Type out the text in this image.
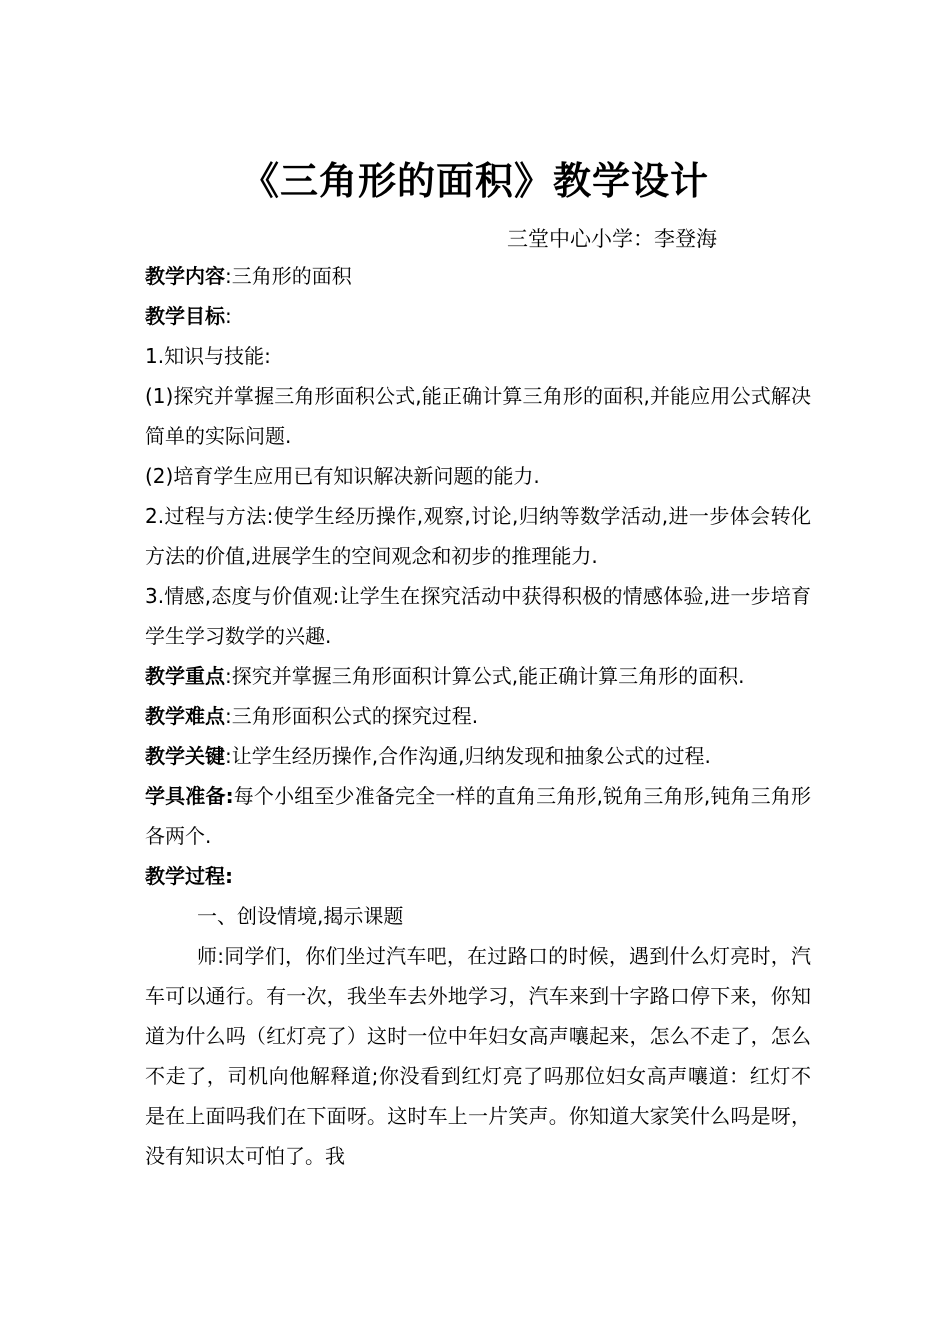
《三角形的面积》教学设计
三堂中心小学：李登海

教学内容:三角形的面积

教学目标:

1.知识与技能:

(1)探究并掌握三角形面积公式,能正确计算三角形的面积,并能应用公式解决简单的实际问题.

(2)培育学生应用已有知识解决新问题的能力.

2.过程与方法:使学生经历操作,观察,讨论,归纳等数学活动,进一步体会转化方法的价值,进展学生的空间观念和初步的推理能力.

3.情感,态度与价值观:让学生在探究活动中获得积极的情感体验,进一步培育学生学习数学的兴趣.

教学重点:探究并掌握三角形面积计算公式,能正确计算三角形的面积.

教学难点:三角形面积公式的探究过程.

教学关键:让学生经历操作,合作沟通,归纳发现和抽象公式的过程.

学具准备:每个小组至少准备完全一样的直角三角形,锐角三角形,钝角三角形各两个.

教学过程:

一、创设情境,揭示课题

师:同学们，你们坐过汽车吧，在过路口的时候，遇到什么灯亮时，汽车可以通行。有一次，我坐车去外地学习，汽车来到十字路口停下来，你知道为什么吗（红灯亮了）这时一位中年妇女高声嚷起来，怎么不走了，怎么不走了，司机向他解释道;你没看到红灯亮了吗那位妇女高声嚷道：红灯不是在上面吗我们在下面呀。这时车上一片笑声。你知道大家笑什么吗是呀，没有知识太可怕了。我
